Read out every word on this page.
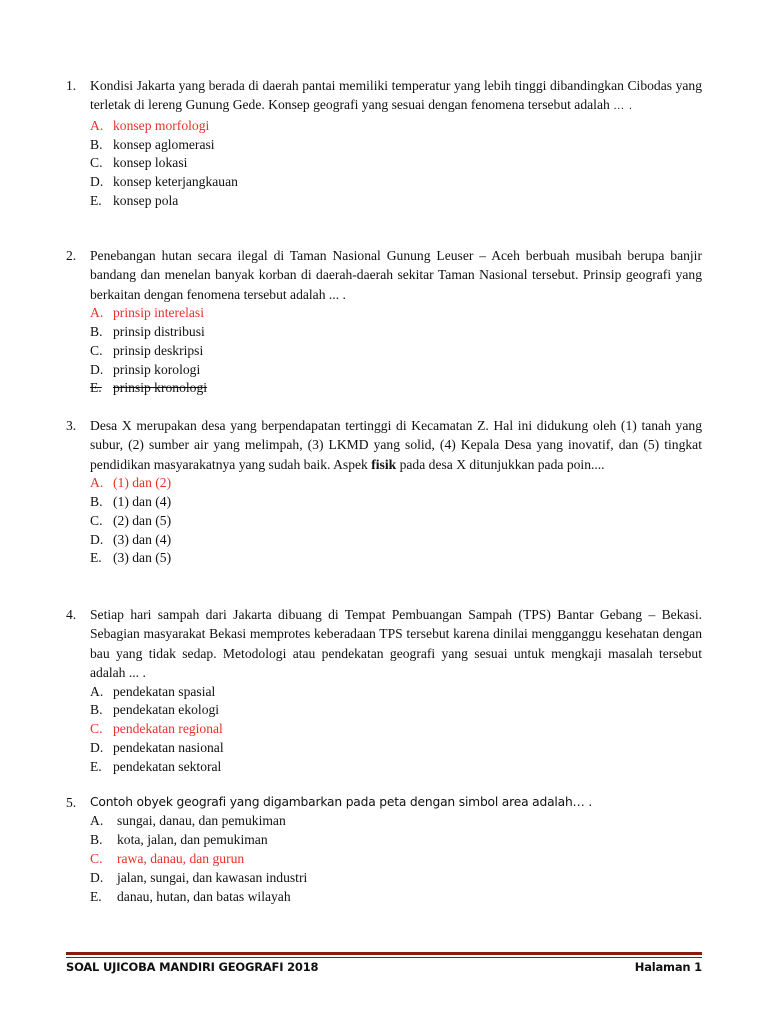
1.	Kondisi Jakarta yang berada di daerah pantai memiliki temperatur yang lebih tinggi dibandingkan Cibodas yang terletak di lereng Gunung Gede. Konsep geografi yang sesuai dengan fenomena tersebut adalah … .
A. konsep morfologi
B. konsep aglomerasi
C. konsep lokasi
D. konsep keterjangkauan
E. konsep pola
2.	Penebangan hutan secara ilegal di Taman Nasional Gunung Leuser – Aceh berbuah musibah berupa banjir bandang dan menelan banyak korban di daerah-daerah sekitar Taman Nasional tersebut. Prinsip geografi yang berkaitan dengan fenomena tersebut adalah ... .
A. prinsip interelasi
B. prinsip distribusi
C. prinsip deskripsi
D. prinsip korologi
E. prinsip kronologi
3.	Desa X merupakan desa yang berpendapatan tertinggi di Kecamatan Z. Hal ini didukung oleh (1) tanah yang subur, (2) sumber air yang melimpah, (3) LKMD yang solid, (4) Kepala Desa yang inovatif, dan (5) tingkat pendidikan masyarakatnya yang sudah baik. Aspek fisik pada desa X ditunjukkan pada poin....
A. (1) dan (2)
B. (1) dan (4)
C. (2) dan (5)
D. (3) dan (4)
E. (3) dan (5)
4.	Setiap hari sampah dari Jakarta dibuang di Tempat Pembuangan Sampah (TPS) Bantar Gebang – Bekasi. Sebagian masyarakat Bekasi memprotes keberadaan TPS tersebut karena dinilai mengganggu kesehatan dengan bau yang tidak sedap. Metodologi atau pendekatan geografi yang sesuai untuk mengkaji masalah tersebut adalah ... .
A. pendekatan spasial
B. pendekatan ekologi
C. pendekatan regional
D. pendekatan nasional
E. pendekatan sektoral
5.	Contoh obyek geografi yang digambarkan pada peta dengan simbol area adalah… .
A.	sungai, danau, dan pemukiman
B.	kota, jalan, dan pemukiman
C.	rawa, danau, dan gurun
D.	jalan, sungai, dan kawasan industri
E.	danau, hutan, dan batas wilayah
SOAL UJICOBA MANDIRI GEOGRAFI 2018	Halaman 1
